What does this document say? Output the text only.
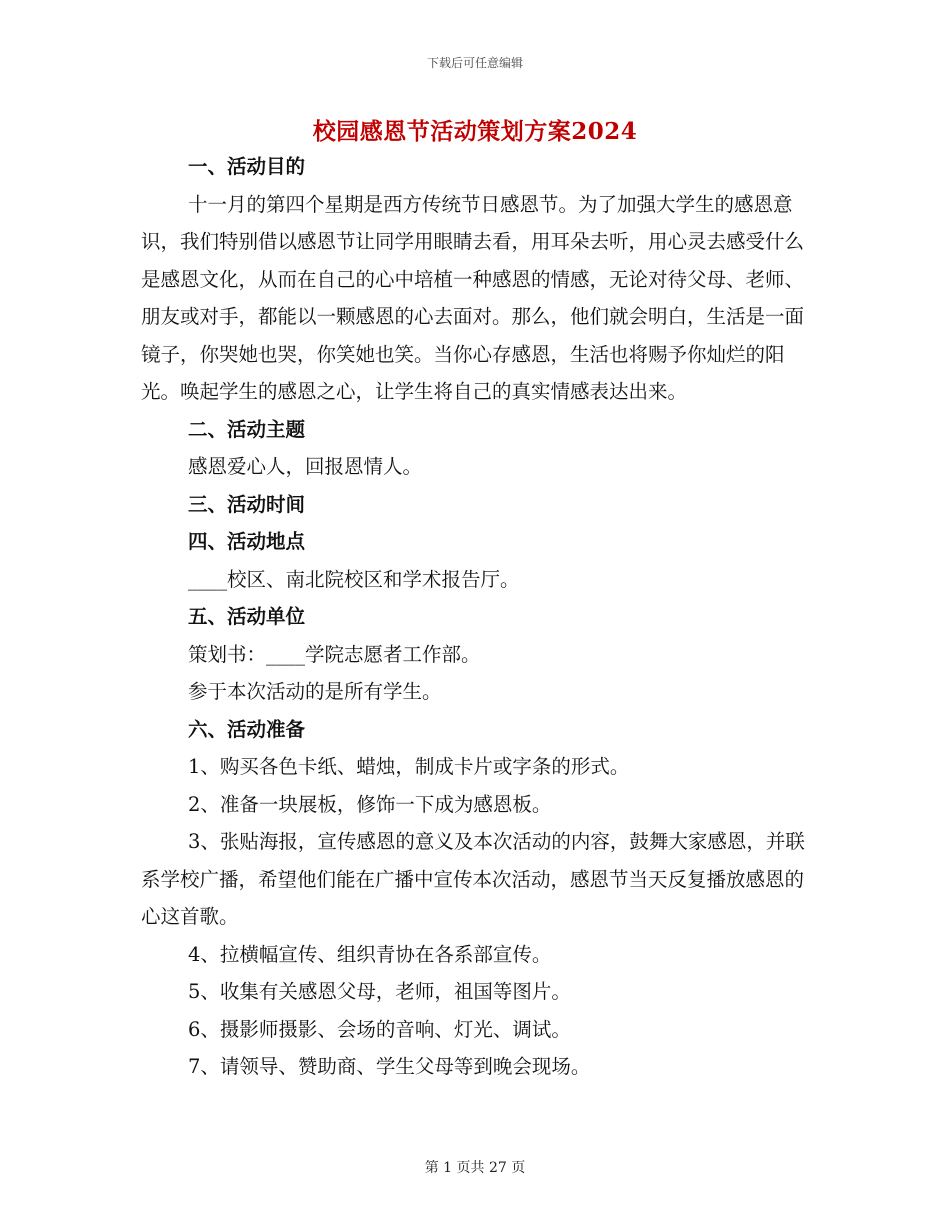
下载后可任意编辑
校园感恩节活动策划方案2024

一、活动目的

十一月的第四个星期是西方传统节日感恩节。为了加强大学生的感恩意识，我们特别借以感恩节让同学用眼睛去看，用耳朵去听，用心灵去感受什么是感恩文化，从而在自己的心中培植一种感恩的情感，无论对待父母、老师、朋友或对手，都能以一颗感恩的心去面对。那么，他们就会明白，生活是一面镜子，你哭她也哭，你笑她也笑。当你心存感恩，生活也将赐予你灿烂的阳光。唤起学生的感恩之心，让学生将自己的真实情感表达出来。

二、活动主题

感恩爱心人，回报恩情人。

三、活动时间

四、活动地点

____校区、南北院校区和学术报告厅。

五、活动单位

策划书：____学院志愿者工作部。

参于本次活动的是所有学生。

六、活动准备

1、购买各色卡纸、蜡烛，制成卡片或字条的形式。

2、准备一块展板，修饰一下成为感恩板。

3、张贴海报，宣传感恩的意义及本次活动的内容，鼓舞大家感恩，并联系学校广播，希望他们能在广播中宣传本次活动，感恩节当天反复播放感恩的心这首歌。

4、拉横幅宣传、组织青协在各系部宣传。

5、收集有关感恩父母，老师，祖国等图片。

6、摄影师摄影、会场的音响、灯光、调试。

7、请领导、赞助商、学生父母等到晚会现场。

第 1 页共 27 页
